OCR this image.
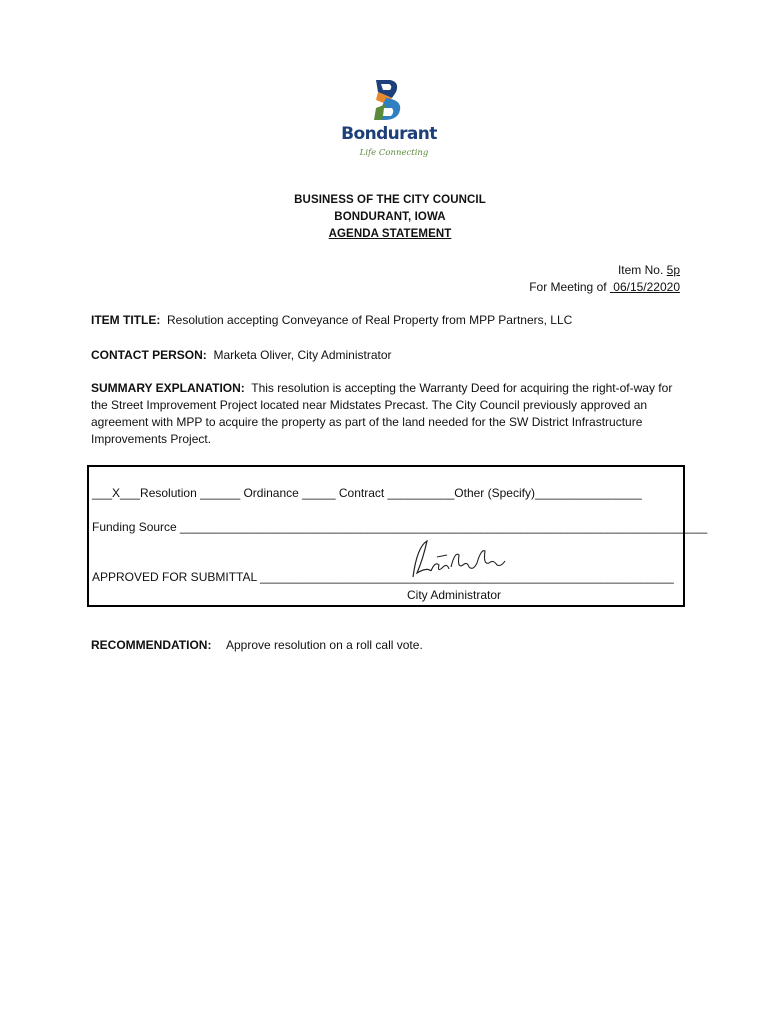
Bondurant
Life Connecting
BUSINESS OF THE CITY COUNCIL
BONDURANT, IOWA
AGENDA STATEMENT
Item No. 5p
For Meeting of 06/15/22020
ITEM TITLE: Resolution accepting Conveyance of Real Property from MPP Partners, LLC
CONTACT PERSON: Marketa Oliver, City Administrator
SUMMARY EXPLANATION: This resolution is accepting the Warranty Deed for acquiring the right-of-way for the Street Improvement Project located near Midstates Precast. The City Council previously approved an agreement with MPP to acquire the property as part of the land needed for the SW District Infrastructure Improvements Project.
___X___Resolution ______ Ordinance _____ Contract __________Other (Specify)________________
Funding Source _______________________________________________________________________________
APPROVED FOR SUBMITTAL ______________________________________________________________
City Administrator
RECOMMENDATION: Approve resolution on a roll call vote.
